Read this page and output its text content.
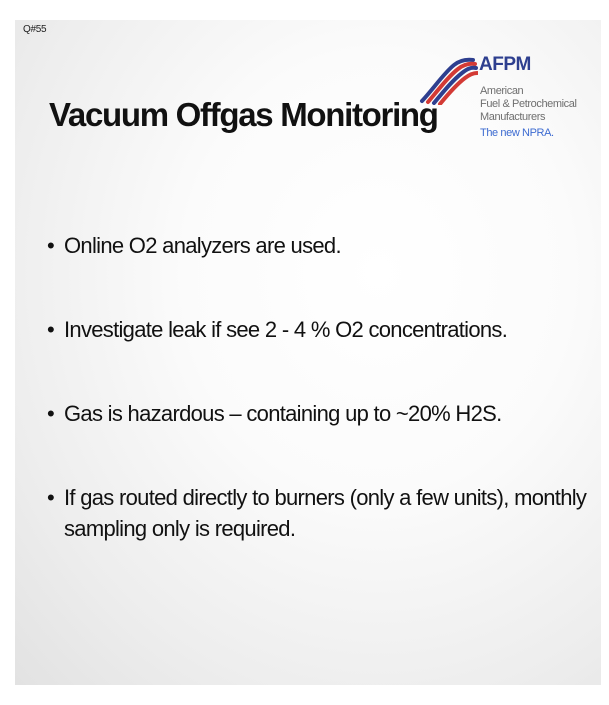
Q#55
AFPM
American
Fuel & Petrochemical
Manufacturers
The new NPRA.
Vacuum Offgas Monitoring
• Online O2 analyzers are used.
• Investigate leak if see 2 - 4 % O2 concentrations.
• Gas is hazardous – containing up to ~20% H2S.
• If gas routed directly to burners (only a few units), monthly sampling only is required.
